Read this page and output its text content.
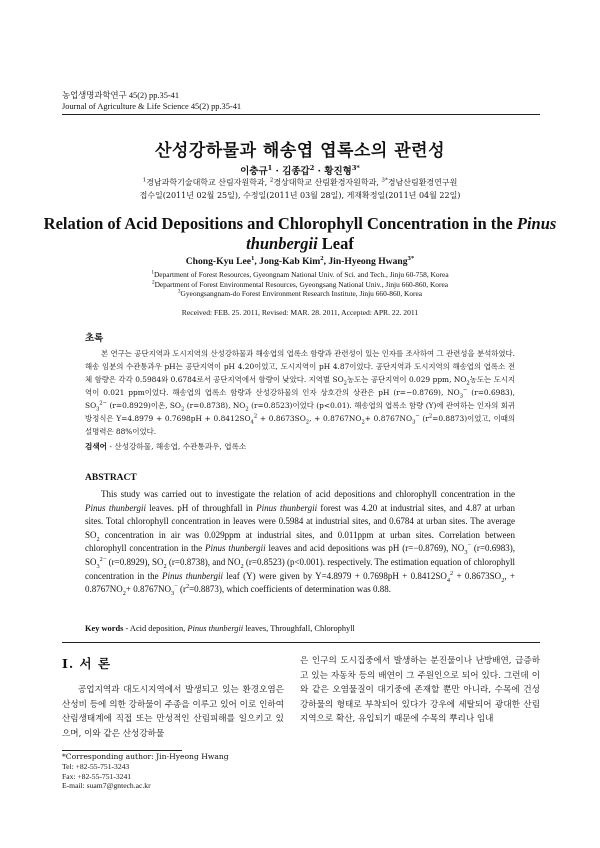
농업생명과학연구 45(2) pp.35-41
Journal of Agriculture & Life Science 45(2) pp.35-41
산성강하물과 해송엽 엽록소의 관련성
이충규$^1$ · 김종갑$^2$ · 황진형$^{3*}$
$^1$경남과학기술대학교 산림자원학과, $^2$경상대학교 산림환경자원학과, $^{3*}$경남산림환경연구원
접수일(2011년 02월 25일), 수정일(2011년 03월 28일), 게재확정일(2011년 04월 22일)
Relation of Acid Depositions and Chlorophyll Concentration in the Pinus
thunbergii Leaf
Chong-Kyu Lee$^1$, Jong-Kab Kim$^2$, Jin-Hyeong Hwang$^{3*}$
$^1$Department of Forest Resources, Gyeongnam National Univ. of Sci. and Tech., Jinju 60-758, Korea
$^2$Department of Forest Environmental Resources, Gyeongsang National Univ., Jinju 660-860, Korea
$^3$Gyeongsangnam-do Forest Environment Research Institute, Jinju 660-860, Korea
Received: FEB. 25. 2011, Revised: MAR. 28. 2011, Accepted: APR. 22. 2011
초록
본 연구는 공단지역과 도시지역의 산성강하물과 해송엽의 엽록소 함량과 관련성이 있는 인자를 조사하여 그 관련성을 분석하였다. 해송 임분의 수관통과우 pH는 공단지역이 pH 4.20이었고, 도시지역이 pH 4.87이었다. 공단지역과 도시지역의 해송엽의 엽록소 전체 함량은 각각 0.5984와 0.6784로서 공단지역에서 함량이 낮았다. 지역별 $SO_2$농도는 공단지역이 0.029 ppm, $NO_2$농도는 도시지역이 0.021 ppm이었다. 해송엽의 엽록소 함량과 산성강하물의 인자 상호간의 상관은 pH (r=−0.8769), $NO_3^-$ (r=0.6983), $SO_3^{2-}$ (r=0.8929)이온, $SO_2$ (r=0.8738), $NO_2$ (r=0.8523)이었다 (p<0.01). 해송엽의 엽록소 함량 (Y)에 관여하는 인자의 회귀 방정식은 $Y=4.8979 + 0.7698pH + 0.8412SO_4^2 + 0.8673SO_2$, + $0.8767NO_2+ 0.8767NO_3^-$ $(r^2=0.8873)$이었고, 이때의 설명력은 88%이었다.
검색어 - 산성강하물, 해송엽, 수관통과우, 엽록소
ABSTRACT
This study was carried out to investigate the relation of acid depositions and chlorophyll concentration in the Pinus thunbergii leaves. pH of throughfall in Pinus thunbergii forest was 4.20 at industrial sites, and 4.87 at urban sites. Total chlorophyll concentration in leaves were 0.5984 at industrial sites, and 0.6784 at urban sites. The average $SO_2$ concentration in air was 0.029ppm at industrial sites, and 0.011ppm at urban sites. Correlation between chlorophyll concentration in the Pinus thunbergii leaves and acid depositions was pH (r=−0.8769), $NO_3^-$ (r=0.6983), $SO_3^{2-}$ (r=0.8929), $SO_2$ (r=0.8738), and $NO_2$ (r=0.8523) (p<0.001). respectively. The estimation equation of chlorophyll concentration in the Pinus thunbergii leaf (Y) were given by $Y=4.8979 + 0.7698pH + 0.8412SO_4^2 + 0.8673SO_2$, + $0.8767NO_2+ 0.8767NO_3^-$ $(r^2=0.8873)$, which coefficients of determination was 0.88.
Key words - Acid deposition, Pinus thunbergii leaves, Throughfall, Chlorophyll
I. 서 론
공업지역과 대도시지역에서 발생되고 있는 환경오염은 산성비 등에 의한 강하물이 주종을 이루고 있어 이로 인하여 산림생태계에 직접 또는 만성적인 산림피해를 일으키고 있으며, 이와 같은 산성강하물
은 인구의 도시집중에서 발생하는 분진물이나 난방배연, 급증하고 있는 자동차 등의 배연이 그 주원인으로 되어 있다. 그런데 이와 같은 오염물질이 대기중에 존재할 뿐만 아니라, 수목에 건성강하물의 형태로 부착되어 있다가 강우에 세탈되어 광대한 산림지역으로 확산, 유입되기 때문에 수목의 뿌리나 임내
*Corresponding author: Jin-Hyeong Hwang
Tel: +82-55-751-3243
Fax: +82-55-751-3241
E-mail: suam7@gntech.ac.kr
